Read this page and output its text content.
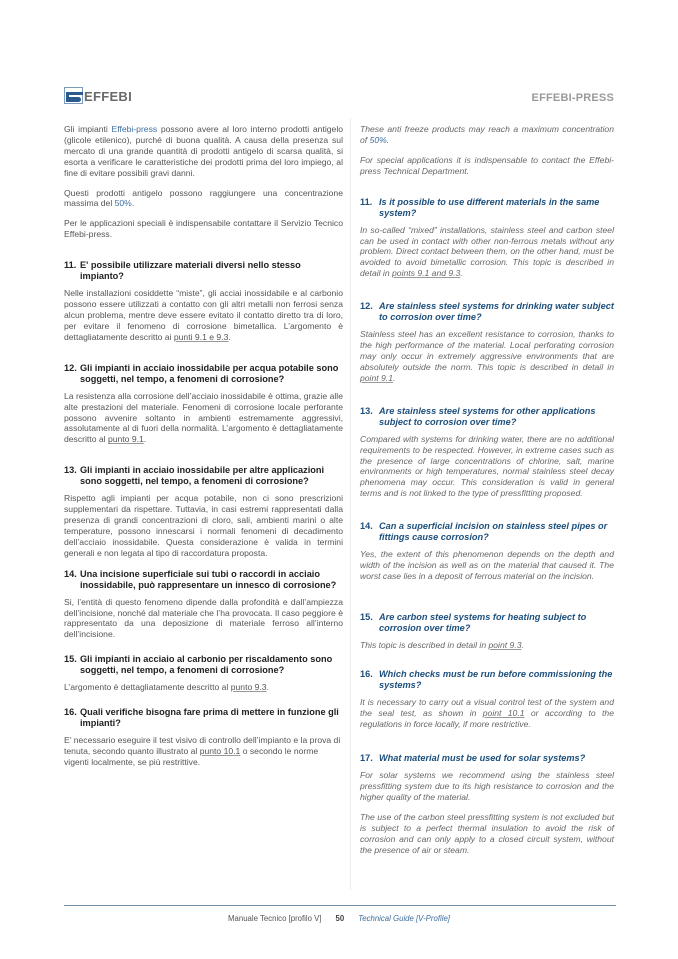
EFFEBI	EFFEBI-PRESS

Gli impianti Effebi-press possono avere al loro interno prodotti antigelo (glicole etilenico), purché di buona qualità. A causa della presenza sul mercato di una grande quantità di prodotti antigelo di scarsa qualità, si esorta a verificare le caratteristiche dei prodotti prima del loro impiego, al fine di evitare possibili gravi danni.

Questi prodotti antigelo possono raggiungere una concentrazione massima del 50%.

Per le applicazioni speciali è indispensabile contattare il Servizio Tecnico Effebi-press.

11. E' possibile utilizzare materiali diversi nello stesso impianto?

Nelle installazioni cosiddette “miste”, gli acciai inossidabile e al carbonio possono essere utilizzati a contatto con gli altri metalli non ferrosi senza alcun problema, mentre deve essere evitato il contatto diretto tra di loro, per evitare il fenomeno di corrosione bimetallica. L’argomento è dettagliatamente descritto ai punti 9.1 e 9.3.

12. Gli impianti in acciaio inossidabile per acqua potabile sono soggetti, nel tempo, a fenomeni di corrosione?

La resistenza alla corrosione dell’acciaio inossidabile è ottima, grazie alle alte prestazioni del materiale. Fenomeni di corrosione locale perforante possono avvenire soltanto in ambienti estremamente aggressivi, assolutamente al di fuori della normalità. L’argomento è dettagliatamente descritto al punto 9.1.

13. Gli impianti in acciaio inossidabile per altre applicazioni sono soggetti, nel tempo, a fenomeni di corrosione?

Rispetto agli impianti per acqua potabile, non ci sono prescrizioni supplementari da rispettare. Tuttavia, in casi estremi rappresentati dalla presenza di grandi concentrazioni di cloro, sali, ambienti marini o alte temperature, possono innescarsi i normali fenomeni di decadimento dell’acciaio inossidabile. Questa considerazione è valida in termini generali e non legata al tipo di raccordatura proposta.

14. Una incisione superficiale sui tubi o raccordi in acciaio inossidabile, può rappresentare un innesco di corrosione?

Si, l’entità di questo fenomeno dipende dalla profondità e dall’ampiezza dell’incisione, nonché dal materiale che l’ha provocata. Il caso peggiore è rappresentato da una deposizione di materiale ferroso all’interno dell’incisione.

15. Gli impianti in acciaio al carbonio per riscaldamento sono soggetti, nel tempo, a fenomeni di corrosione?

L’argomento è dettagliatamente descritto al punto 9.3.

16. Quali verifiche bisogna fare prima di mettere in funzione gli impianti?

E’ necessario eseguire il test visivo di controllo dell’impianto e la prova di tenuta, secondo quanto illustrato al punto 10.1 o secondo le norme vigenti localmente, se più restrittive.

These anti freeze products may reach a maximum concentration of 50%.

For special applications it is indispensable to contact the Effebi-press Technical Department.

11. Is it possible to use different materials in the same system?

In so-called “mixed” installations, stainless steel and carbon steel can be used in contact with other non-ferrous metals without any problem. Direct contact between them, on the other hand, must be avoided to avoid bimetallic corrosion. This topic is described in detail in points 9.1 and 9.3.

12. Are stainless steel systems for drinking water subject to corrosion over time?

Stainless steel has an excellent resistance to corrosion, thanks to the high performance of the material. Local perforating corrosion may only occur in extremely aggressive environments that are absolutely outside the norm. This topic is described in detail in point 9.1.

13. Are stainless steel systems for other applications subject to corrosion over time?

Compared with systems for drinking water, there are no additional requirements to be respected. However, in extreme cases such as the presence of large concentrations of chlorine, salt, marine environments or high temperatures, normal stainless steel decay phenomena may occur. This consideration is valid in general terms and is not linked to the type of pressfitting proposed.

14. Can a superficial incision on stainless steel pipes or fittings cause corrosion?

Yes, the extent of this phenomenon depends on the depth and width of the incision as well as on the material that caused it. The worst case lies in a deposit of ferrous material on the incision.

15. Are carbon steel systems for heating subject to corrosion over time?

This topic is described in detail in point 9.3.

16. Which checks must be run before commissioning the systems?

It is necessary to carry out a visual control test of the system and the seal test, as shown in point 10.1 or according to the regulations in force locally, if more restrictive.

17. What material must be used for solar systems?

For solar systems we recommend using the stainless steel pressfitting system due to its high resistance to corrosion and the higher quality of the material.

The use of the carbon steel pressfitting system is not excluded but is subject to a perfect thermal insulation to avoid the risk of corrosion and can only apply to a closed circuit system, without the presence of air or steam.

Manuale Tecnico [profilo V] 50 Technical Guide [V-Profile]
